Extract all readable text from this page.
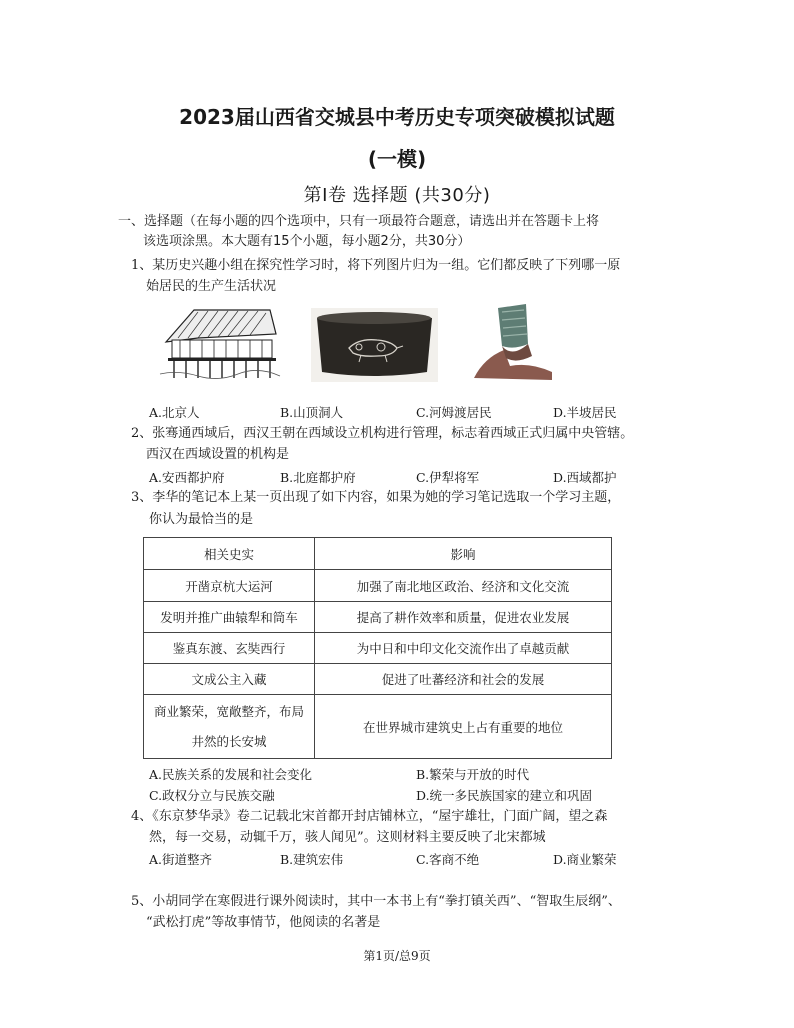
2023届山西省交城县中考历史专项突破模拟试题
(一模)
第Ⅰ卷 选择题 (共30分)
一、选择题（在每小题的四个选项中，只有一项最符合题意，请选出并在答题卡上将
该选项涂黑。本大题有15个小题，每小题2分，共30分）
1、某历史兴趣小组在探究性学习时，将下列图片归为一组。它们都反映了下列哪一原
始居民的生产生活状况
A.北京人	B.山顶洞人	C.河姆渡居民	D.半坡居民
2、张骞通西域后，西汉王朝在西域设立机构进行管理，标志着西域正式归属中央管辖。
西汉在西域设置的机构是
A.安西都护府	B.北庭都护府	C.伊犁将军	D.西域都护
3、李华的笔记本上某一页出现了如下内容，如果为她的学习笔记选取一个学习主题，
你认为最恰当的是
相关史实	影响
开凿京杭大运河	加强了南北地区政治、经济和文化交流
发明并推广曲辕犁和筒车	提高了耕作效率和质量，促进农业发展
鉴真东渡、玄奘西行	为中日和中印文化交流作出了卓越贡献
文成公主入藏	促进了吐蕃经济和社会的发展
商业繁荣，宽敞整齐，布局井然的长安城	在世界城市建筑史上占有重要的地位
A.民族关系的发展和社会变化	B.繁荣与开放的时代
C.政权分立与民族交融	D.统一多民族国家的建立和巩固
4、《东京梦华录》卷二记载北宋首都开封店铺林立，“屋宇雄壮，门面广阔，望之森
然，每一交易，动辄千万，骇人闻见”。这则材料主要反映了北宋都城
A.街道整齐	B.建筑宏伟	C.客商不绝	D.商业繁荣
5、小胡同学在寒假进行课外阅读时，其中一本书上有“拳打镇关西”、“智取生辰纲”、
“武松打虎”等故事情节，他阅读的名著是
第1页/总9页
